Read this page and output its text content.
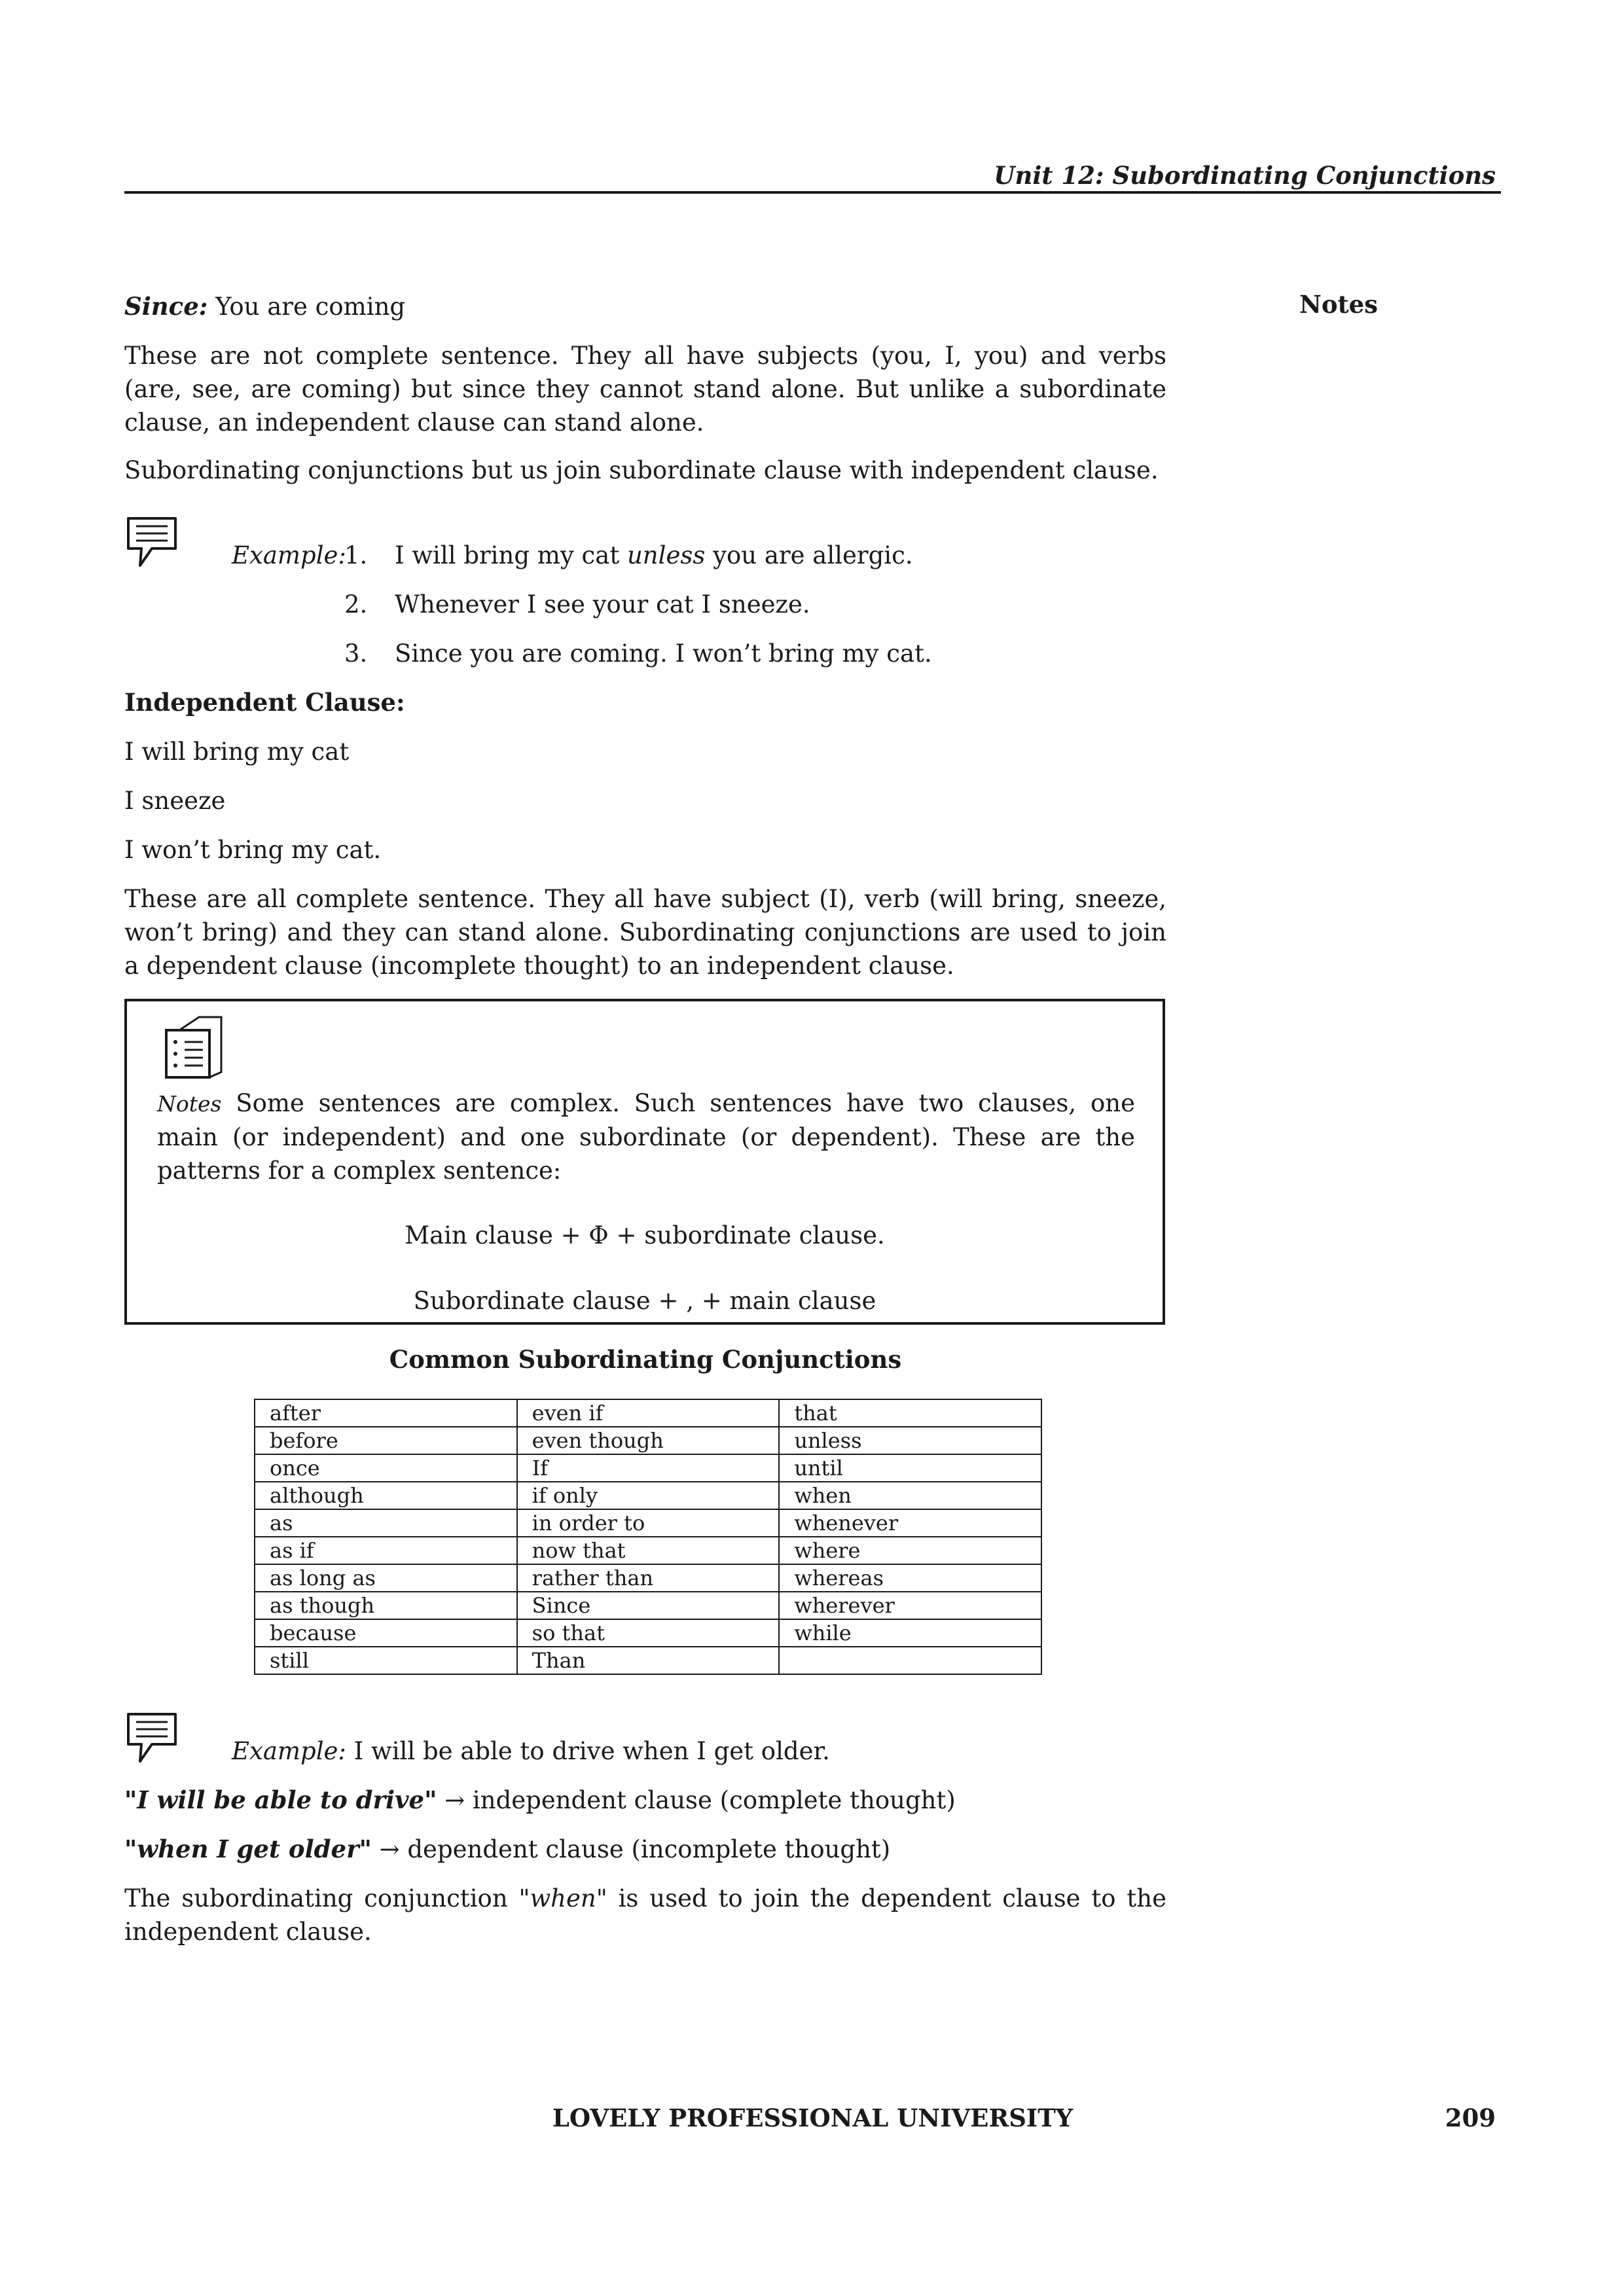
Unit 12: Subordinating Conjunctions
Notes
Since: You are coming
These are not complete sentence. They all have subjects (you, I, you) and verbs (are, see, are coming) but since they cannot stand alone. But unlike a subordinate clause, an independent clause can stand alone.
Subordinating conjunctions but us join subordinate clause with independent clause.
Example:
1. I will bring my cat unless you are allergic.
2. Whenever I see your cat I sneeze.
3. Since you are coming. I won’t bring my cat.
Independent Clause:
I will bring my cat
I sneeze
I won’t bring my cat.
These are all complete sentence. They all have subject (I), verb (will bring, sneeze, won’t bring) and they can stand alone. Subordinating conjunctions are used to join a dependent clause (incomplete thought) to an independent clause.
Notes Some sentences are complex. Such sentences have two clauses, one main (or independent) and one subordinate (or dependent). These are the patterns for a complex sentence:
Main clause + Φ + subordinate clause.
Subordinate clause + , + main clause
Common Subordinating Conjunctions
after	even if	that
before	even though	unless
once	If	until
although	if only	when
as	in order to	whenever
as if	now that	where
as long as	rather than	whereas
as though	Since	wherever
because	so that	while
still	Than	
Example: I will be able to drive when I get older.
"I will be able to drive" → independent clause (complete thought)
"when I get older" → dependent clause (incomplete thought)
The subordinating conjunction "when" is used to join the dependent clause to the independent clause.
LOVELY PROFESSIONAL UNIVERSITY	209
